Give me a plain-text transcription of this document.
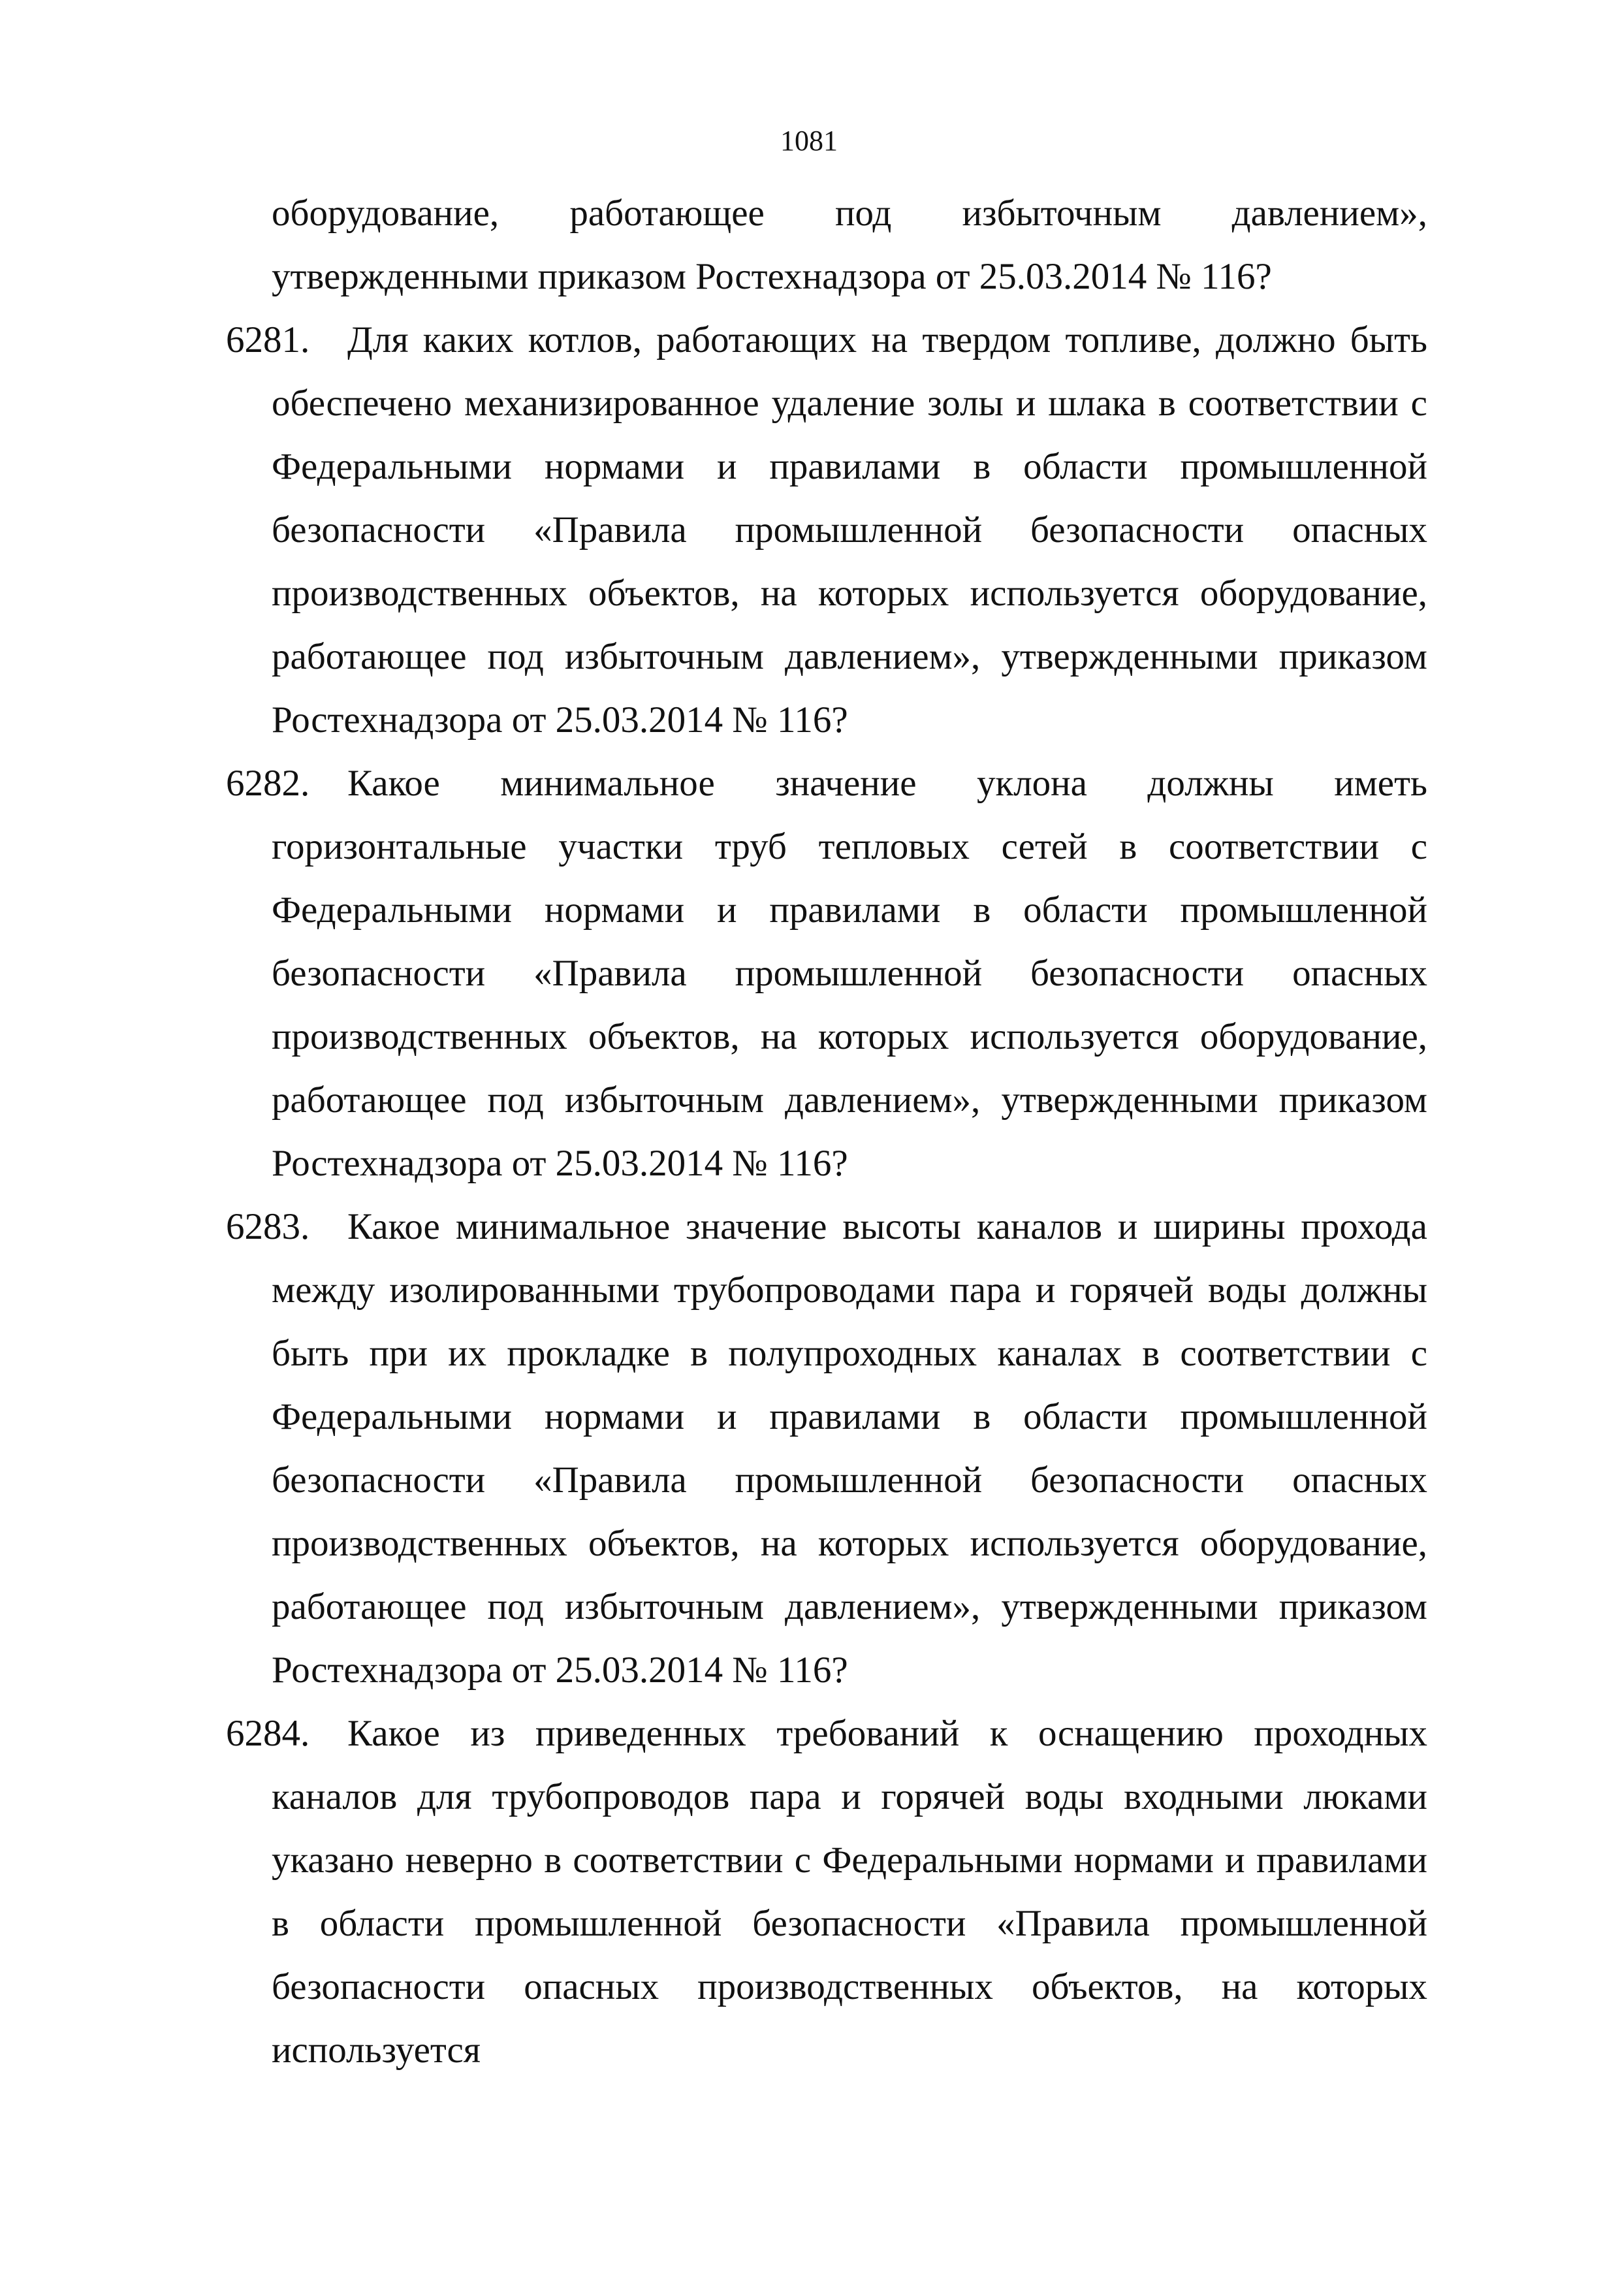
1081
оборудование, работающее под избыточным давлением», утвержденными приказом Ростехнадзора от 25.03.2014 № 116?
6281. Для каких котлов, работающих на твердом топливе, должно быть обеспечено механизированное удаление золы и шлака в соответствии с Федеральными нормами и правилами в области промышленной безопасности «Правила промышленной безопасности опасных производственных объектов, на которых используется оборудование, работающее под избыточным давлением», утвержденными приказом Ростехнадзора от 25.03.2014 № 116?
6282. Какое минимальное значение уклона должны иметь горизонтальные участки труб тепловых сетей в соответствии с Федеральными нормами и правилами в области промышленной безопасности «Правила промышленной безопасности опасных производственных объектов, на которых используется оборудование, работающее под избыточным давлением», утвержденными приказом Ростехнадзора от 25.03.2014 № 116?
6283. Какое минимальное значение высоты каналов и ширины прохода между изолированными трубопроводами пара и горячей воды должны быть при их прокладке в полупроходных каналах в соответствии с Федеральными нормами и правилами в области промышленной безопасности «Правила промышленной безопасности опасных производственных объектов, на которых используется оборудование, работающее под избыточным давлением», утвержденными приказом Ростехнадзора от 25.03.2014 № 116?
6284. Какое из приведенных требований к оснащению проходных каналов для трубопроводов пара и горячей воды входными люками указано неверно в соответствии с Федеральными нормами и правилами в области промышленной безопасности «Правила промышленной безопасности опасных производственных объектов, на которых используется
